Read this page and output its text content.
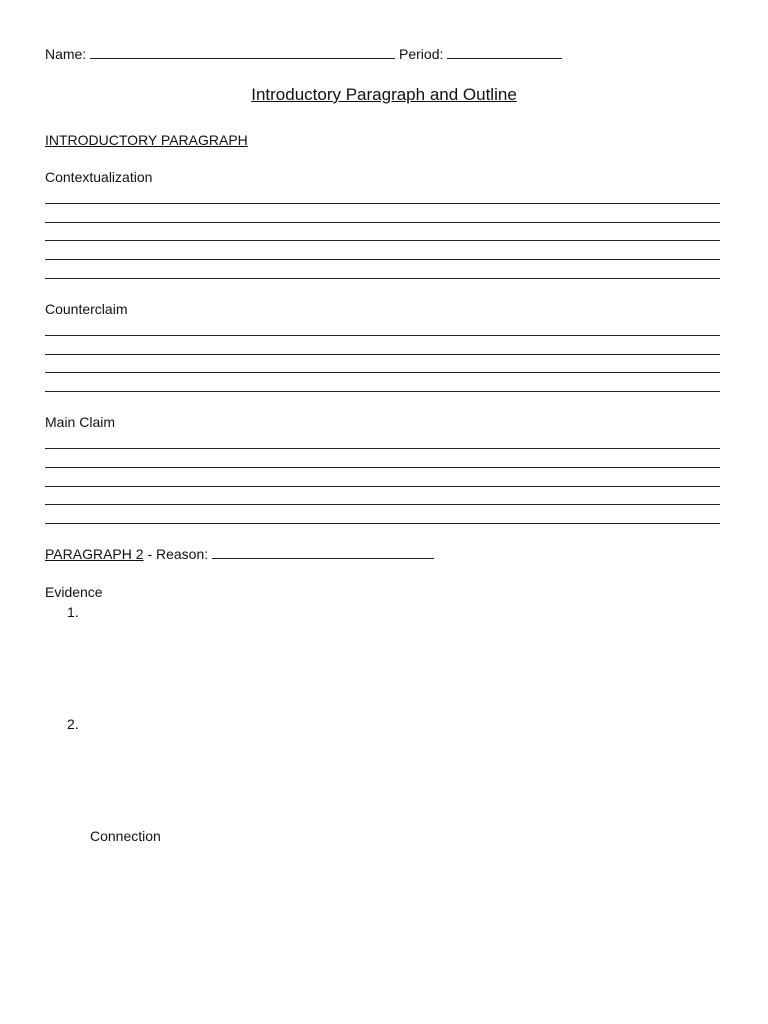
Name:	Period:
Introductory Paragraph and Outline
INTRODUCTORY PARAGRAPH
Contextualization
Counterclaim
Main Claim
PARAGRAPH 2 - Reason:
Evidence
1.
2.
Connection
